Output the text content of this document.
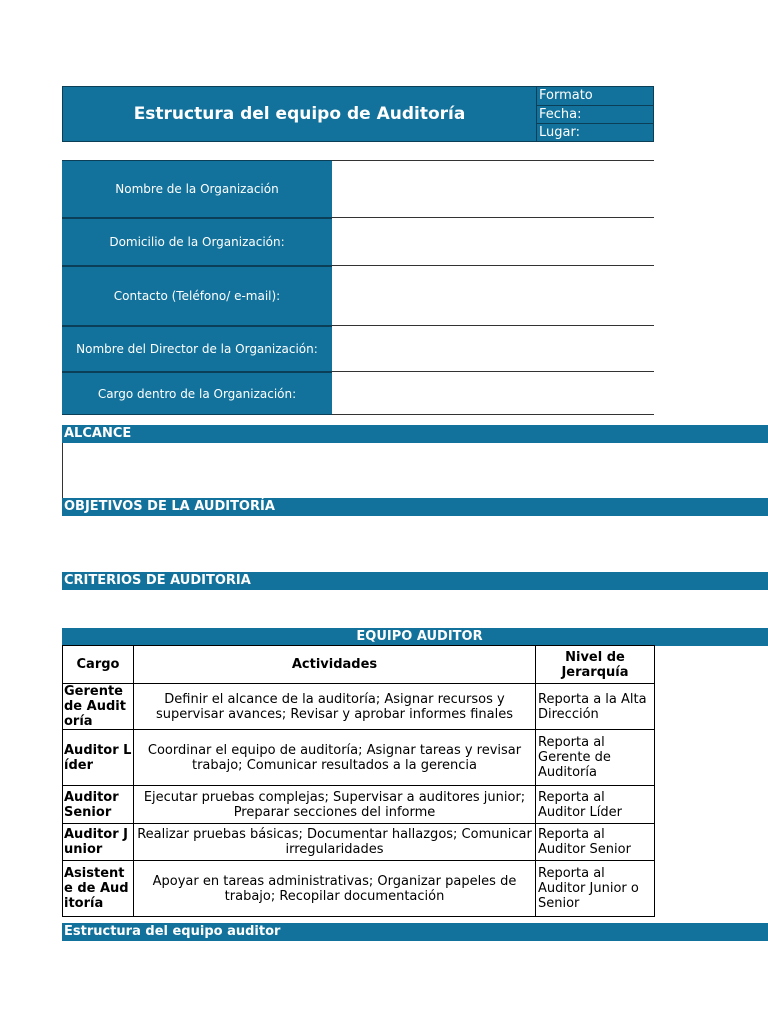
Estructura del equipo de Auditoría
Formato
Fecha:
Lugar:
Nombre de la Organización
Domicilio de la Organización:
Contacto (Teléfono/ e-mail):
Nombre del Director de la Organización:
Cargo dentro de la Organización:
ALCANCE
OBJETIVOS DE LA AUDITORÍA
CRITERIOS DE AUDITORIA
EQUIPO AUDITOR
Cargo	Actividades	Nivel de Jerarquía
Gerente de Auditoría	Definir el alcance de la auditoría; Asignar recursos y supervisar avances; Revisar y aprobar informes finales	Reporta a la Alta Dirección
Auditor Líder	Coordinar el equipo de auditoría; Asignar tareas y revisar trabajo; Comunicar resultados a la gerencia	Reporta al Gerente de Auditoría
Auditor Senior	Ejecutar pruebas complejas; Supervisar a auditores junior; Preparar secciones del informe	Reporta al Auditor Líder
Auditor Junior	Realizar pruebas básicas; Documentar hallazgos; Comunicar irregularidades	Reporta al Auditor Senior
Asistente de Auditoría	Apoyar en tareas administrativas; Organizar papeles de trabajo; Recopilar documentación	Reporta al Auditor Junior o Senior
Estructura del equipo auditor
